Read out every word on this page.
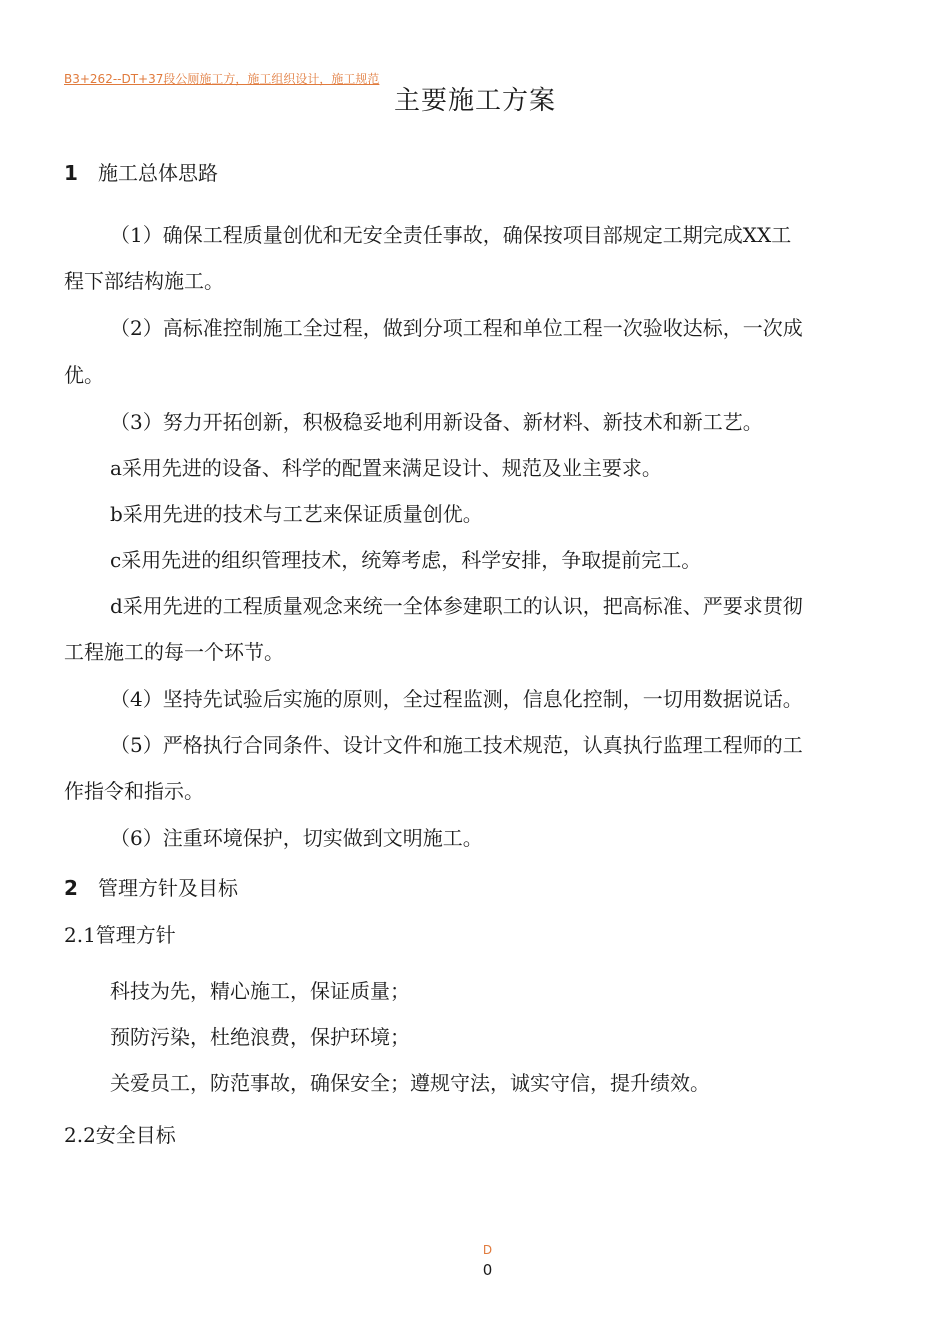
B3+262--DT+37段公厕施工方，施工组织设计，施工规范
主要施工方案
1 施工总体思路
（1）确保工程质量创优和无安全责任事故，确保按项目部规定工期完成XX工
程下部结构施工。
（2）高标准控制施工全过程，做到分项工程和单位工程一次验收达标，一次成
优。
（3）努力开拓创新，积极稳妥地利用新设备、新材料、新技术和新工艺。
a采用先进的设备、科学的配置来满足设计、规范及业主要求。
b采用先进的技术与工艺来保证质量创优。
c采用先进的组织管理技术，统筹考虑，科学安排，争取提前完工。
d采用先进的工程质量观念来统一全体参建职工的认识，把高标准、严要求贯彻
工程施工的每一个环节。
（4）坚持先试验后实施的原则，全过程监测，信息化控制，一切用数据说话。
（5）严格执行合同条件、设计文件和施工技术规范，认真执行监理工程师的工
作指令和指示。
（6）注重环境保护，切实做到文明施工。
2 管理方针及目标
2.1管理方针
科技为先，精心施工，保证质量；
预防污染，杜绝浪费，保护环境；
关爱员工，防范事故，确保安全；遵规守法，诚实守信，提升绩效。
2.2安全目标
D
0
